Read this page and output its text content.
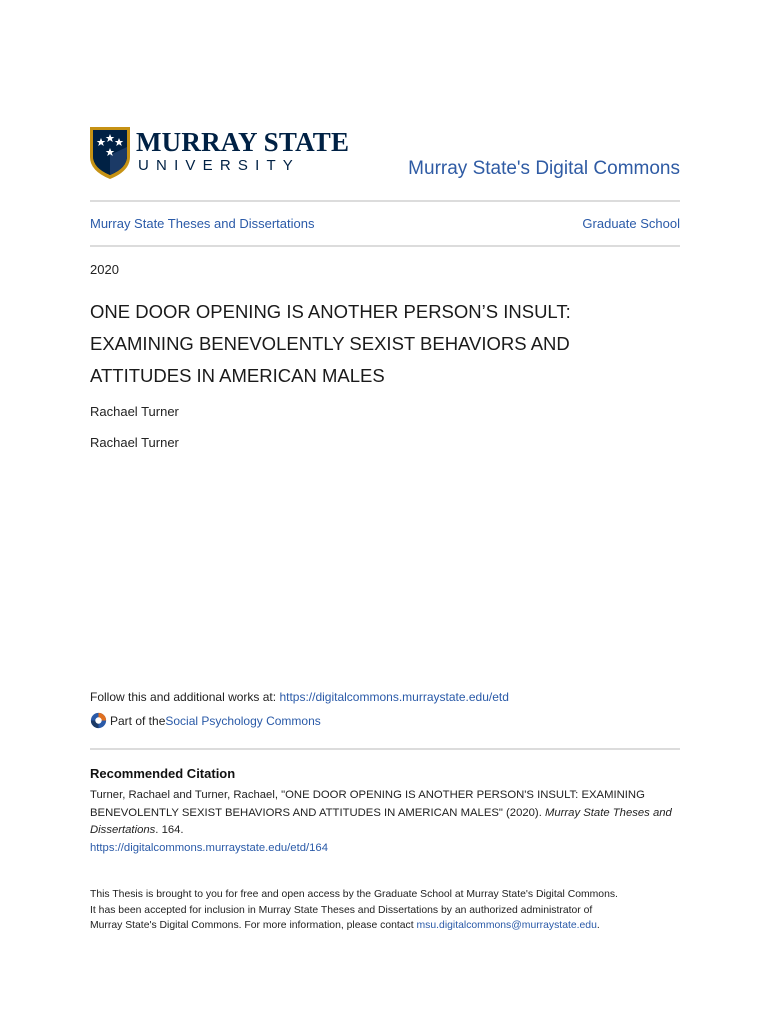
MURRAY STATE
UNIVERSITY	Murray State's Digital Commons
Murray State Theses and Dissertations	Graduate School
2020
ONE DOOR OPENING IS ANOTHER PERSON’S INSULT:
EXAMINING BENEVOLENTLY SEXIST BEHAVIORS AND
ATTITUDES IN AMERICAN MALES
Rachael Turner
Rachael Turner
Follow this and additional works at: https://digitalcommons.murraystate.edu/etd
Part of the Social Psychology Commons
Recommended Citation
Turner, Rachael and Turner, Rachael, "ONE DOOR OPENING IS ANOTHER PERSON'S INSULT: EXAMINING BENEVOLENTLY SEXIST BEHAVIORS AND ATTITUDES IN AMERICAN MALES" (2020). Murray State Theses and Dissertations. 164.
https://digitalcommons.murraystate.edu/etd/164
This Thesis is brought to you for free and open access by the Graduate School at Murray State's Digital Commons.
It has been accepted for inclusion in Murray State Theses and Dissertations by an authorized administrator of
Murray State's Digital Commons. For more information, please contact msu.digitalcommons@murraystate.edu.
